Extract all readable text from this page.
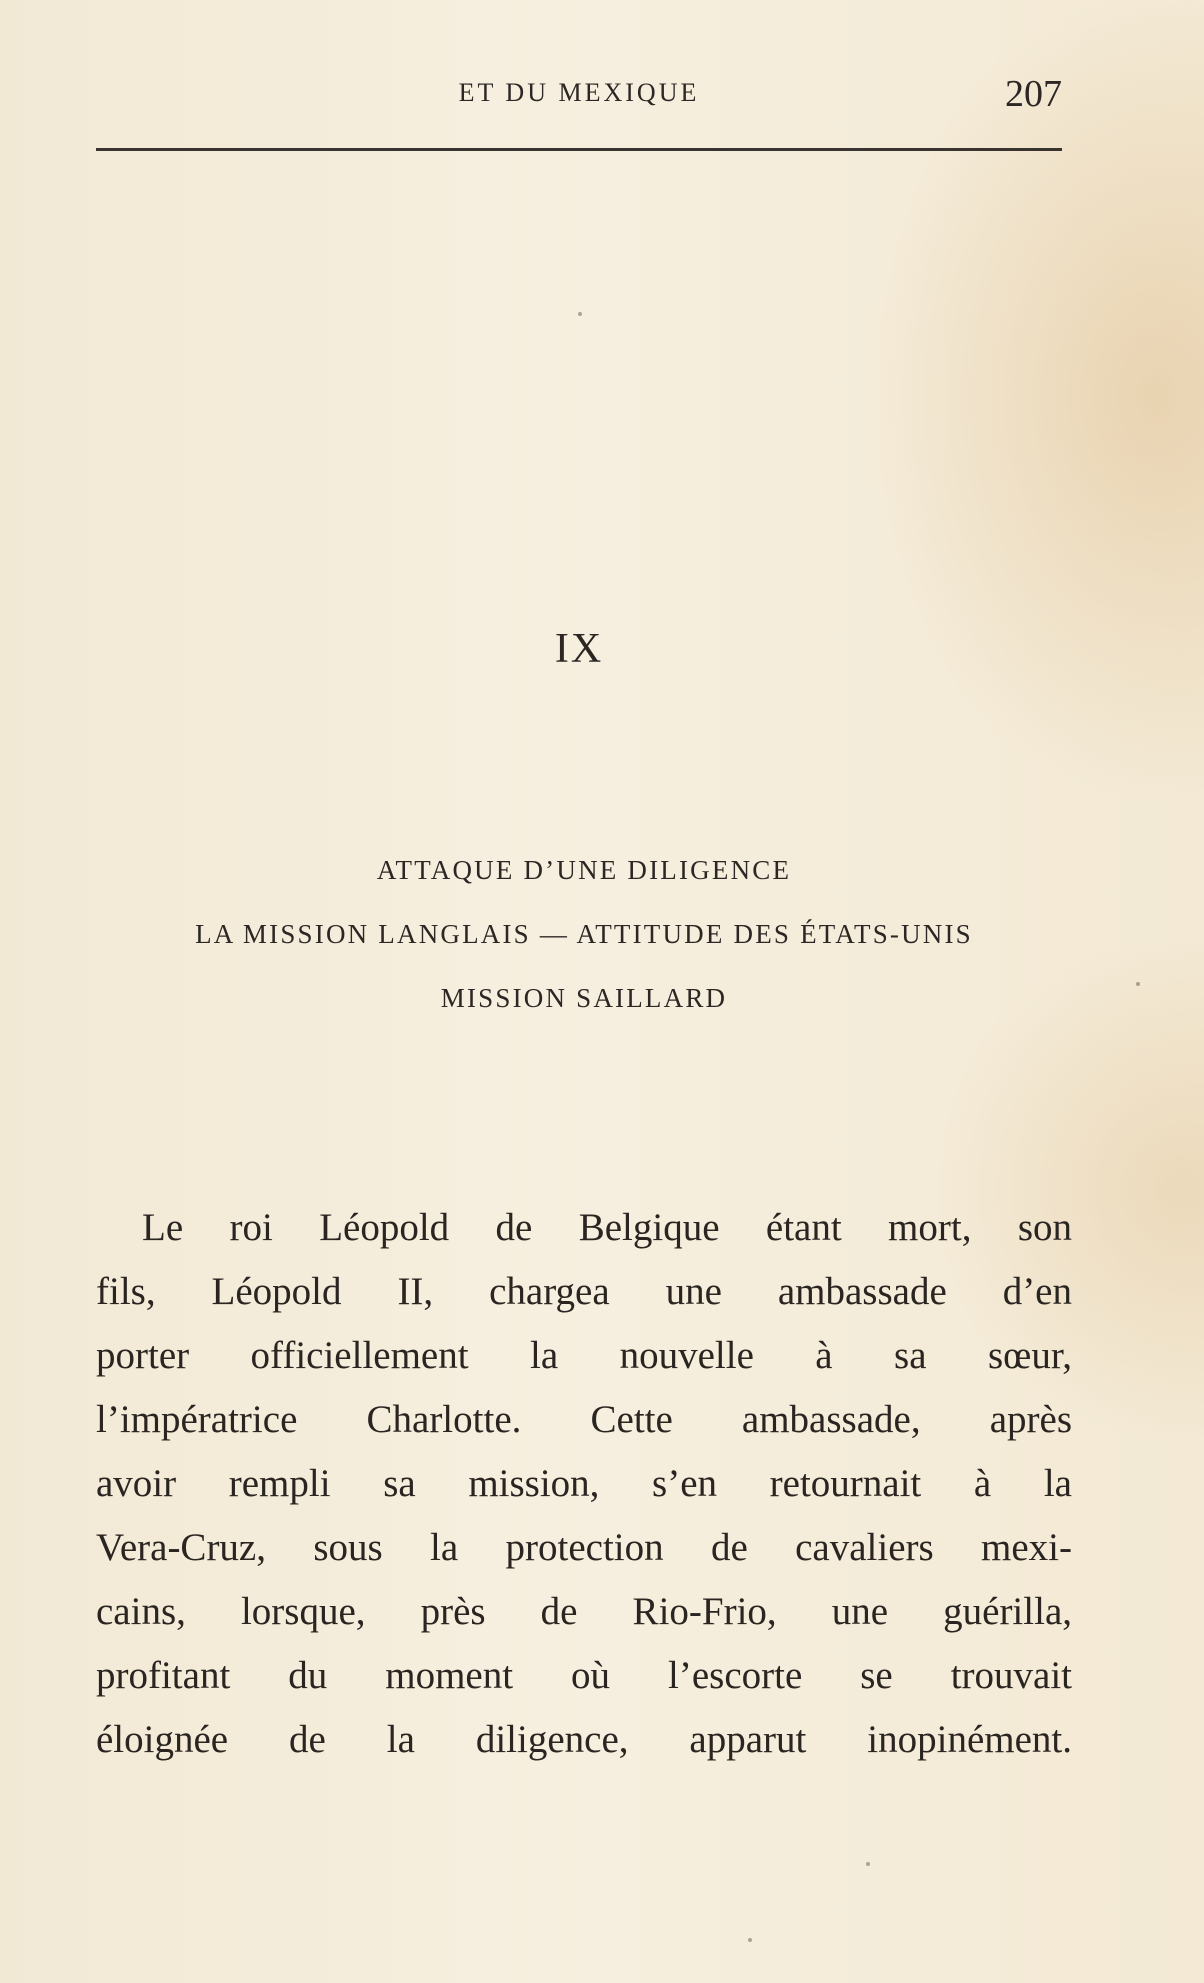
ET DU MEXIQUE	207
IX
ATTAQUE D’UNE DILIGENCE
LA MISSION LANGLAIS — ATTITUDE DES ÉTATS-UNIS
MISSION SAILLARD
Le roi Léopold de Belgique étant mort, son
fils, Léopold II, chargea une ambassade d’en
porter officiellement la nouvelle à sa sœur,
l’impératrice Charlotte. Cette ambassade, après
avoir rempli sa mission, s’en retournait à la
Vera-Cruz, sous la protection de cavaliers mexi-
cains, lorsque, près de Rio-Frio, une guérilla,
profitant du moment où l’escorte se trouvait
éloignée de la diligence, apparut inopinément.
